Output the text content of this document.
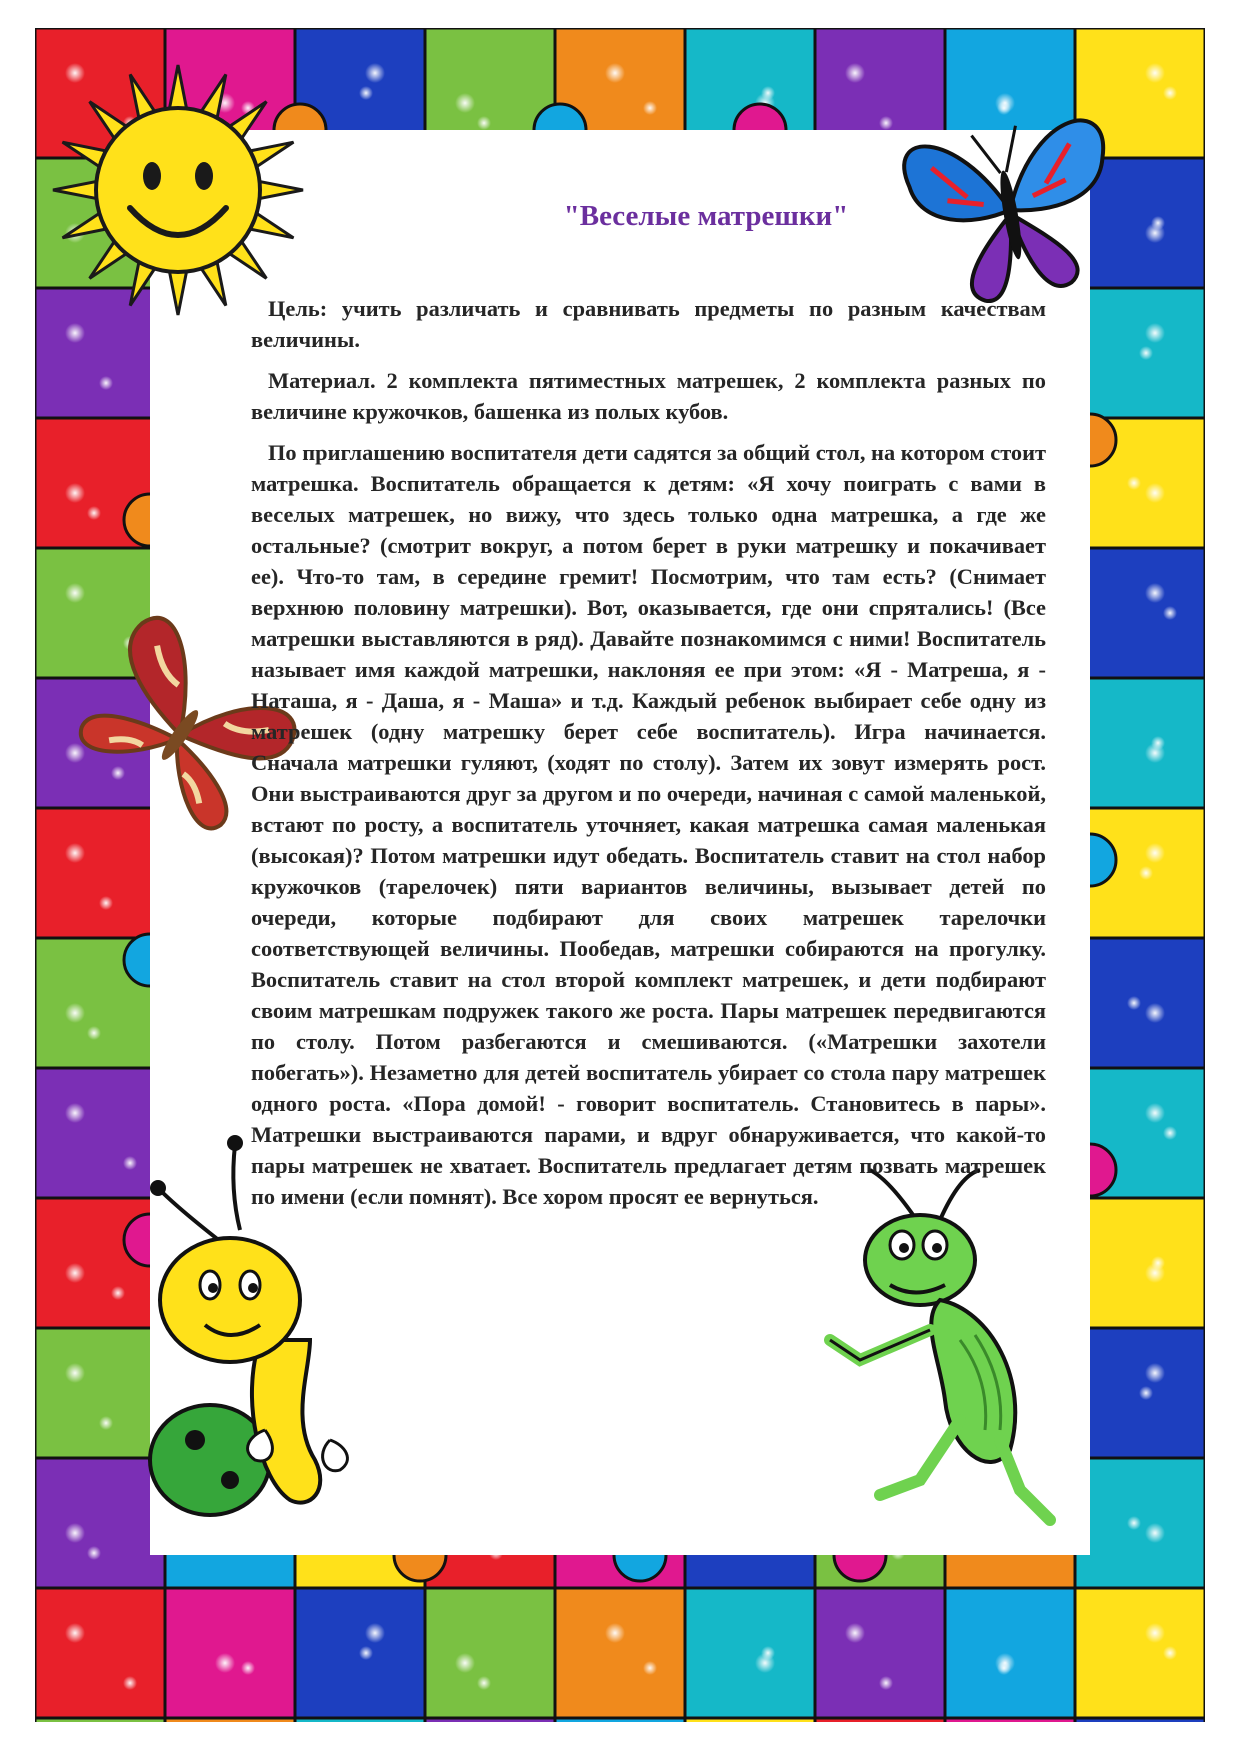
"Веселые матрешки"

Цель: учить различать и сравнивать предметы по разным качествам величины.

Материал. 2 комплекта пятиместных матрешек, 2 комплекта разных по величине кружочков, башенка из полых кубов.

По приглашению воспитателя дети садятся за общий стол, на котором стоит матрешка. Воспитатель обращается к детям: «Я хочу поиграть с вами в веселых матрешек, но вижу, что здесь только одна матрешка, а где же остальные? (смотрит вокруг, а потом берет в руки матрешку и покачивает ее). Что-то там, в середине гремит! Посмотрим, что там есть? (Снимает верхнюю половину матрешки). Вот, оказывается, где они спрятались! (Все матрешки выставляются в ряд). Давайте познакомимся с ними! Воспитатель называет имя каждой матрешки, наклоняя ее при этом: «Я - Матреша, я - Наташа, я - Даша, я - Маша» и т.д. Каждый ребенок выбирает себе одну из матрешек (одну матрешку берет себе воспитатель). Игра начинается. Сначала матрешки гуляют, (ходят по столу). Затем их зовут измерять рост. Они выстраиваются друг за другом и по очереди, начиная с самой маленькой, встают по росту, а воспитатель уточняет, какая матрешка самая маленькая (высокая)? Потом матрешки идут обедать. Воспитатель ставит на стол набор кружочков (тарелочек) пяти вариантов величины, вызывает детей по очереди, которые подбирают для своих матрешек тарелочки соответствующей величины. Пообедав, матрешки собираются на прогулку. Воспитатель ставит на стол второй комплект матрешек, и дети подбирают своим матрешкам подружек такого же роста. Пары матрешек передвигаются по столу. Потом разбегаются и смешиваются. («Матрешки захотели побегать»). Незаметно для детей воспитатель убирает со стола пару матрешек одного роста. «Пора домой! - говорит воспитатель. Становитесь в пары». Матрешки выстраиваются парами, и вдруг обнаруживается, что какой-то пары матрешек не хватает. Воспитатель предлагает детям позвать матрешек по имени (если помнят). Все хором просят ее вернуться.
